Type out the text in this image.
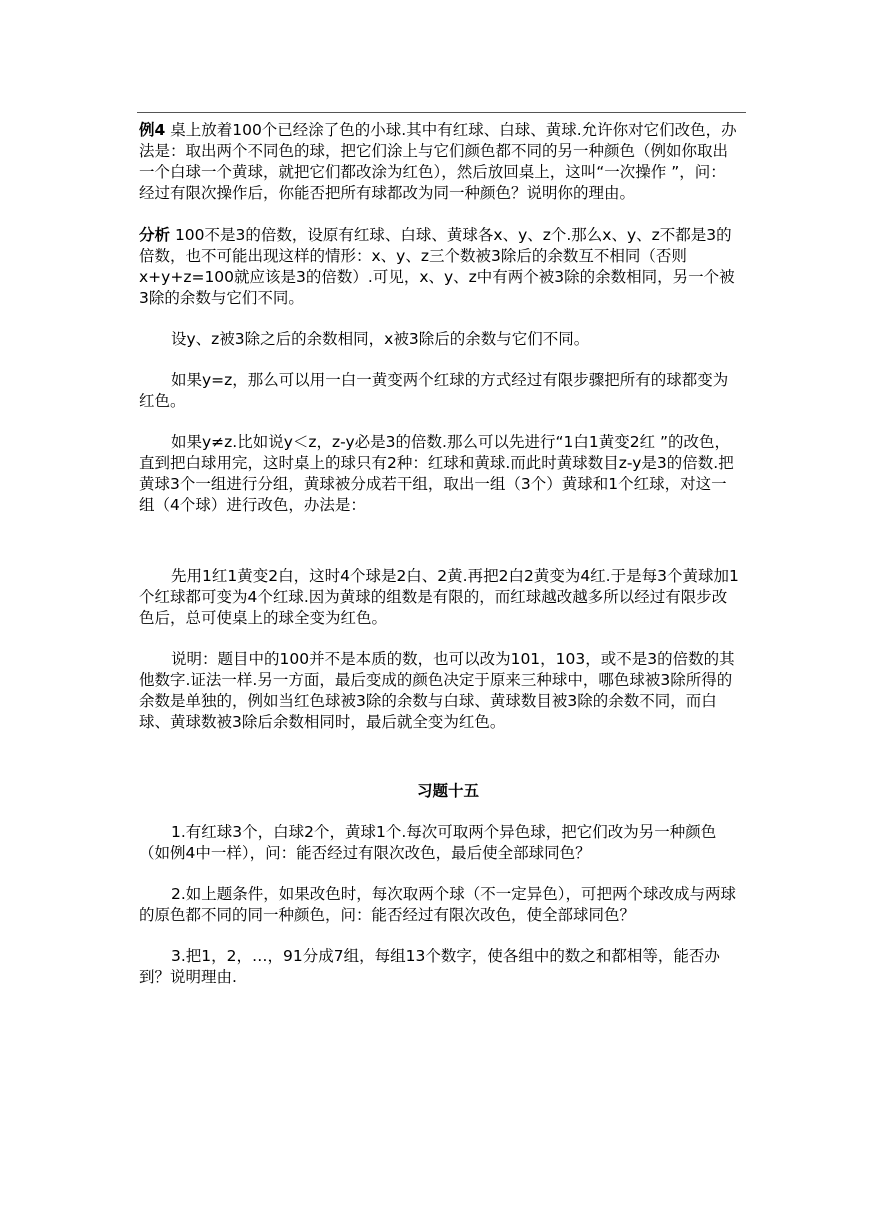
例4 桌上放着100个已经涂了色的小球.其中有红球、白球、黄球.允许你对它们改色，办法是：取出两个不同色的球，把它们涂上与它们颜色都不同的另一种颜色（例如你取出一个白球一个黄球，就把它们都改涂为红色），然后放回桌上，这叫“一次操作 ”，问：经过有限次操作后，你能否把所有球都改为同一种颜色？说明你的理由。

分析 100不是3的倍数，设原有红球、白球、黄球各x、y、z个.那么x、y、z不都是3的倍数，也不可能出现这样的情形：x、y、z三个数被3除后的余数互不相同（否则x+y+z=100就应该是3的倍数）.可见，x、y、z中有两个被3除的余数相同，另一个被3除的余数与它们不同。

设y、z被3除之后的余数相同，x被3除后的余数与它们不同。

如果y=z，那么可以用一白一黄变两个红球的方式经过有限步骤把所有的球都变为红色。

如果y≠z.比如说y＜z，z-y必是3的倍数.那么可以先进行“1白1黄变2红 ”的改色，直到把白球用完，这时桌上的球只有2种：红球和黄球.而此时黄球数目z-y是3的倍数.把黄球3个一组进行分组，黄球被分成若干组，取出一组（3个）黄球和1个红球，对这一组（4个球）进行改色，办法是：

先用1红1黄变2白，这时4个球是2白、2黄.再把2白2黄变为4红.于是每3个黄球加1个红球都可变为4个红球.因为黄球的组数是有限的，而红球越改越多所以经过有限步改色后，总可使桌上的球全变为红色。

说明：题目中的100并不是本质的数，也可以改为101，103，或不是3的倍数的其他数字.证法一样.另一方面，最后变成的颜色决定于原来三种球中，哪色球被3除所得的余数是单独的，例如当红色球被3除的余数与白球、黄球数目被3除的余数不同，而白球、黄球数被3除后余数相同时，最后就全变为红色。

习题十五

1.有红球3个，白球2个，黄球1个.每次可取两个异色球，把它们改为另一种颜色（如例4中一样），问：能否经过有限次改色，最后使全部球同色？

2.如上题条件，如果改色时，每次取两个球（不一定异色），可把两个球改成与两球的原色都不同的同一种颜色，问：能否经过有限次改色，使全部球同色？

3.把1，2，…，91分成7组，每组13个数字，使各组中的数之和都相等，能否办到？说明理由.
